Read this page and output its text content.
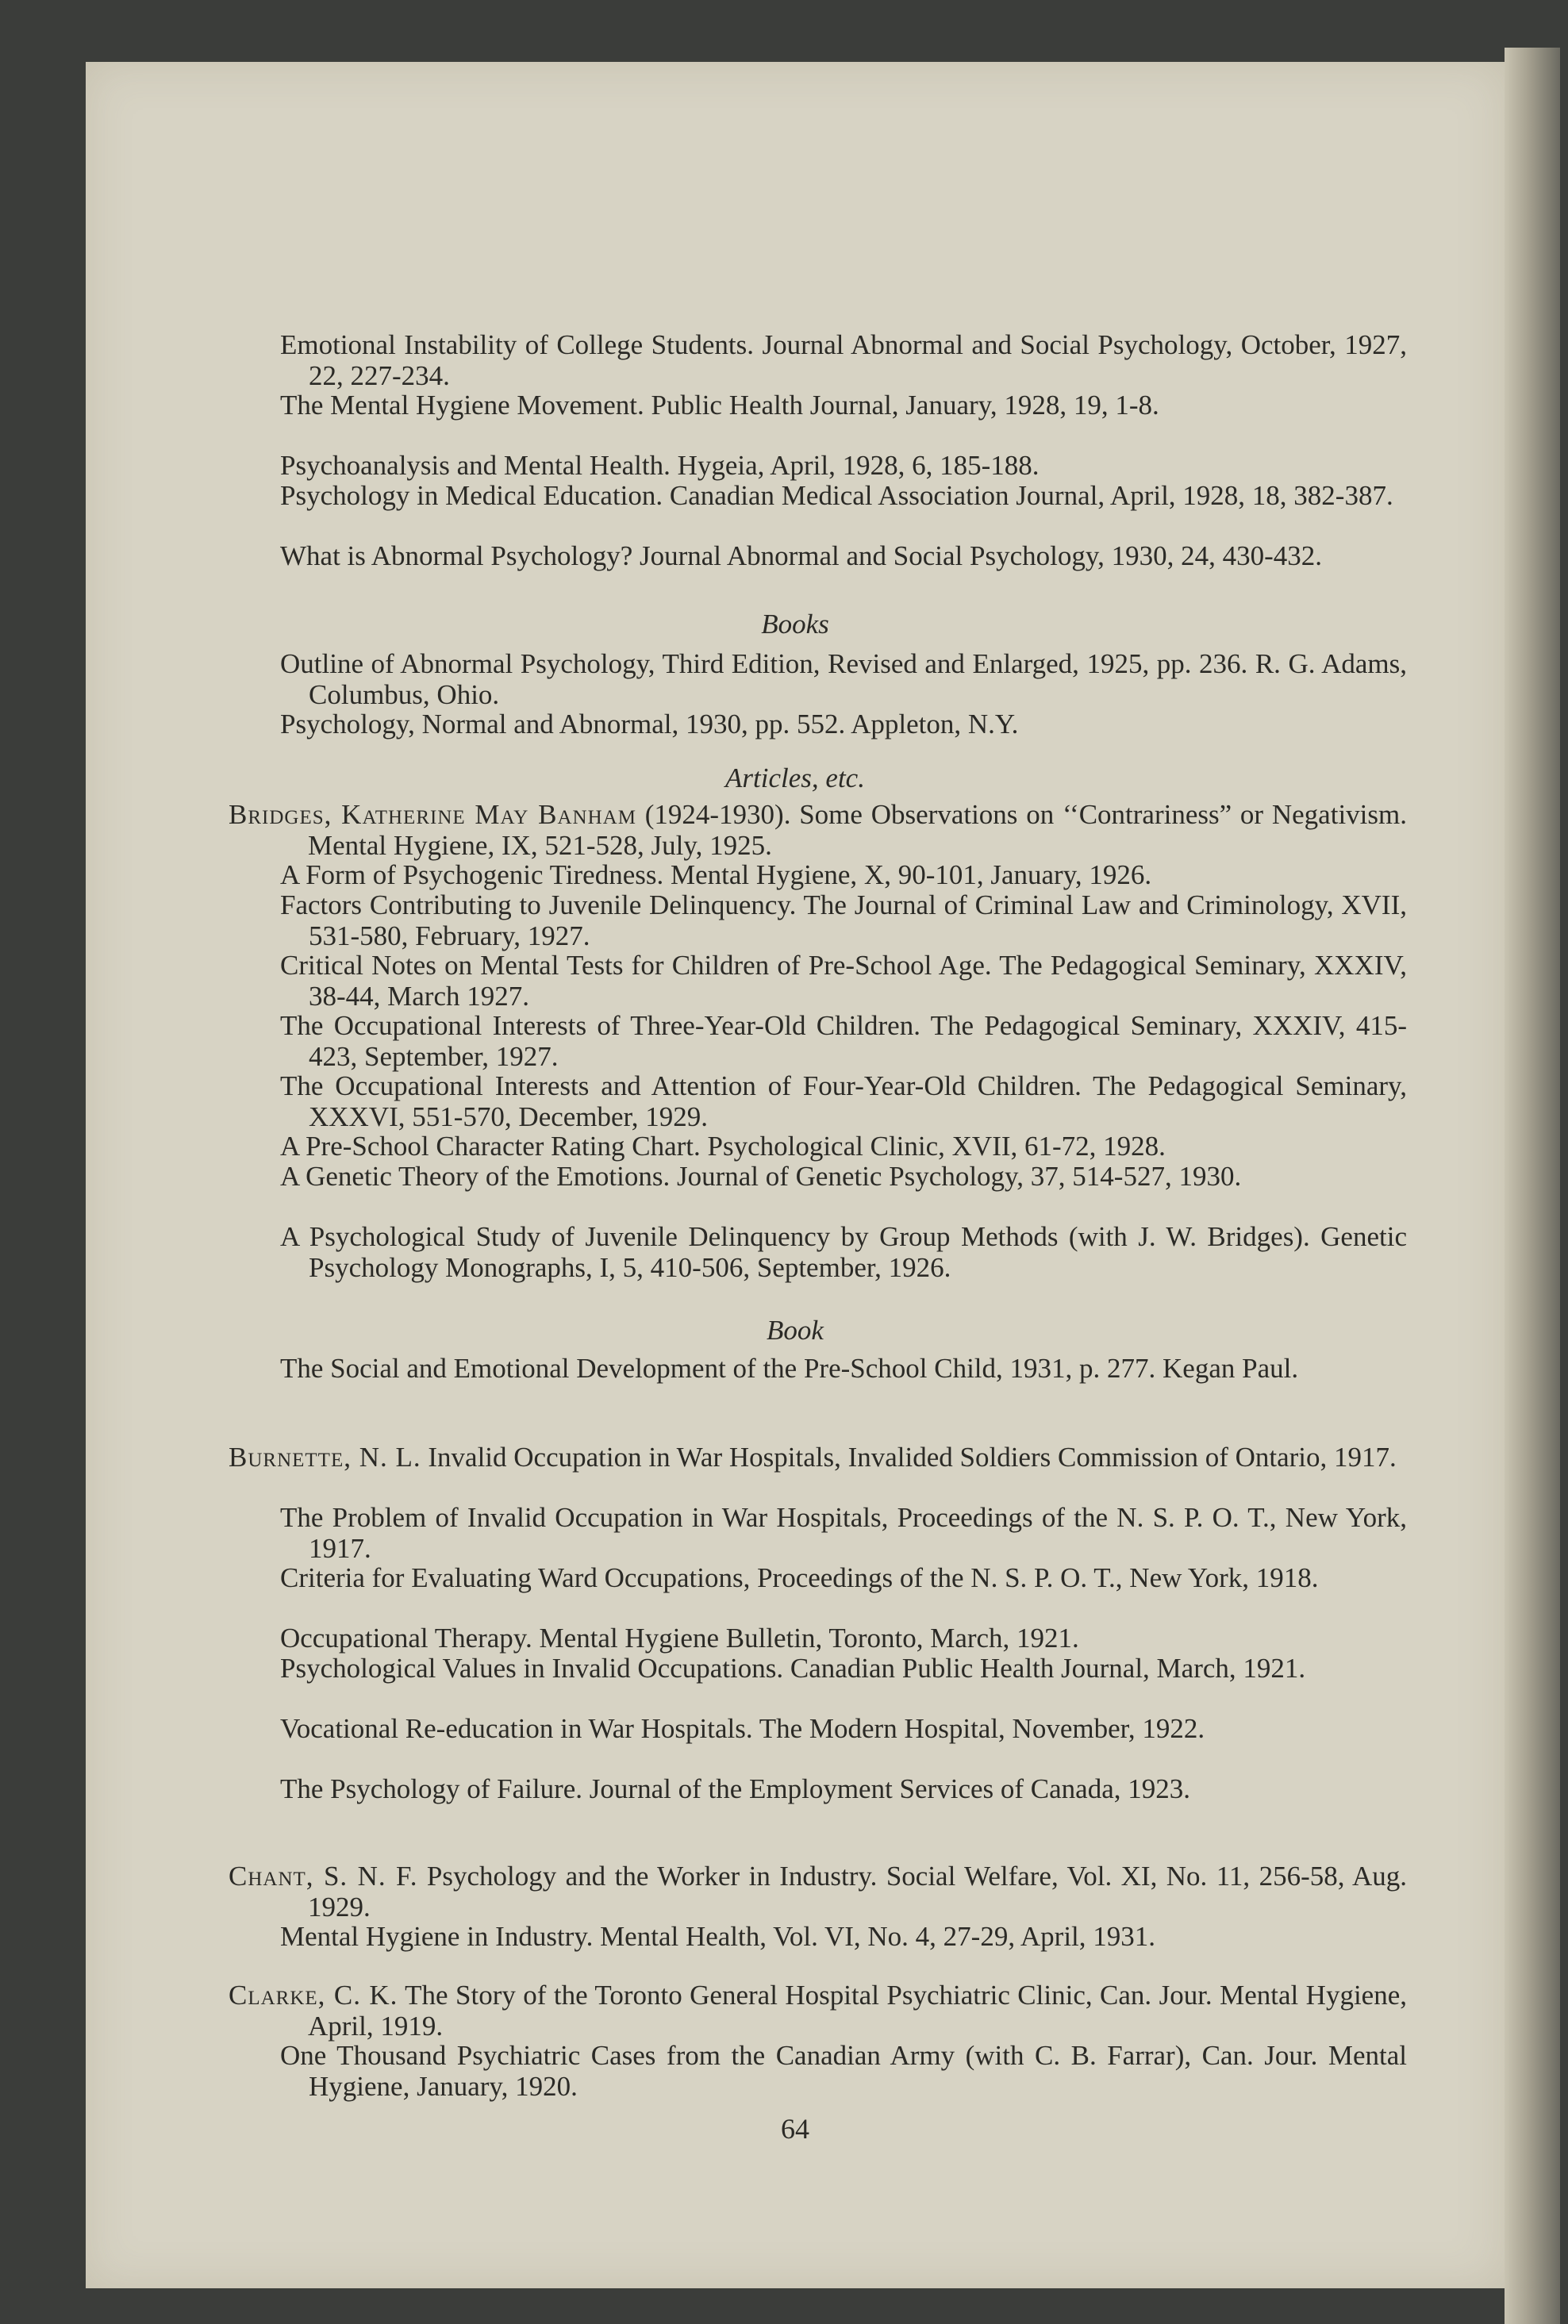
Emotional Instability of College Students. Journal Abnormal and Social Psychology, October, 1927, 22, 227-234.

The Mental Hygiene Movement. Public Health Journal, January, 1928, 19, 1-8.

Psychoanalysis and Mental Health. Hygeia, April, 1928, 6, 185-188.

Psychology in Medical Education. Canadian Medical Association Journal, April, 1928, 18, 382-387.

What is Abnormal Psychology? Journal Abnormal and Social Psychology, 1930, 24, 430-432.

Books

Outline of Abnormal Psychology, Third Edition, Revised and Enlarged, 1925, pp. 236. R. G. Adams, Columbus, Ohio.

Psychology, Normal and Abnormal, 1930, pp. 552. Appleton, N.Y.

Articles, etc.

Bridges, Katherine May Banham (1924-1930). Some Observations on ‘‘Contrariness” or Negativism. Mental Hygiene, IX, 521-528, July, 1925.

A Form of Psychogenic Tiredness. Mental Hygiene, X, 90-101, January, 1926.

Factors Contributing to Juvenile Delinquency. The Journal of Criminal Law and Criminology, XVII, 531-580, February, 1927.

Critical Notes on Mental Tests for Children of Pre-School Age. The Pedagogical Seminary, XXXIV, 38-44, March 1927.

The Occupational Interests of Three-Year-Old Children. The Pedagogical Seminary, XXXIV, 415-423, September, 1927.

The Occupational Interests and Attention of Four-Year-Old Children. The Pedagogical Seminary, XXXVI, 551-570, December, 1929.

A Pre-School Character Rating Chart. Psychological Clinic, XVII, 61-72, 1928.

A Genetic Theory of the Emotions. Journal of Genetic Psychology, 37, 514-527, 1930.

A Psychological Study of Juvenile Delinquency by Group Methods (with J. W. Bridges). Genetic Psychology Monographs, I, 5, 410-506, September, 1926.

Book

The Social and Emotional Development of the Pre-School Child, 1931, p. 277. Kegan Paul.

Burnette, N. L. Invalid Occupation in War Hospitals, Invalided Soldiers Commission of Ontario, 1917.

The Problem of Invalid Occupation in War Hospitals, Proceedings of the N. S. P. O. T., New York, 1917.

Criteria for Evaluating Ward Occupations, Proceedings of the N. S. P. O. T., New York, 1918.

Occupational Therapy. Mental Hygiene Bulletin, Toronto, March, 1921.

Psychological Values in Invalid Occupations. Canadian Public Health Journal, March, 1921.

Vocational Re-education in War Hospitals. The Modern Hospital, November, 1922.

The Psychology of Failure. Journal of the Employment Services of Canada, 1923.

Chant, S. N. F. Psychology and the Worker in Industry. Social Welfare, Vol. XI, No. 11, 256-58, Aug. 1929.

Mental Hygiene in Industry. Mental Health, Vol. VI, No. 4, 27-29, April, 1931.

Clarke, C. K. The Story of the Toronto General Hospital Psychiatric Clinic, Can. Jour. Mental Hygiene, April, 1919.

One Thousand Psychiatric Cases from the Canadian Army (with C. B. Farrar), Can. Jour. Mental Hygiene, January, 1920.

64
